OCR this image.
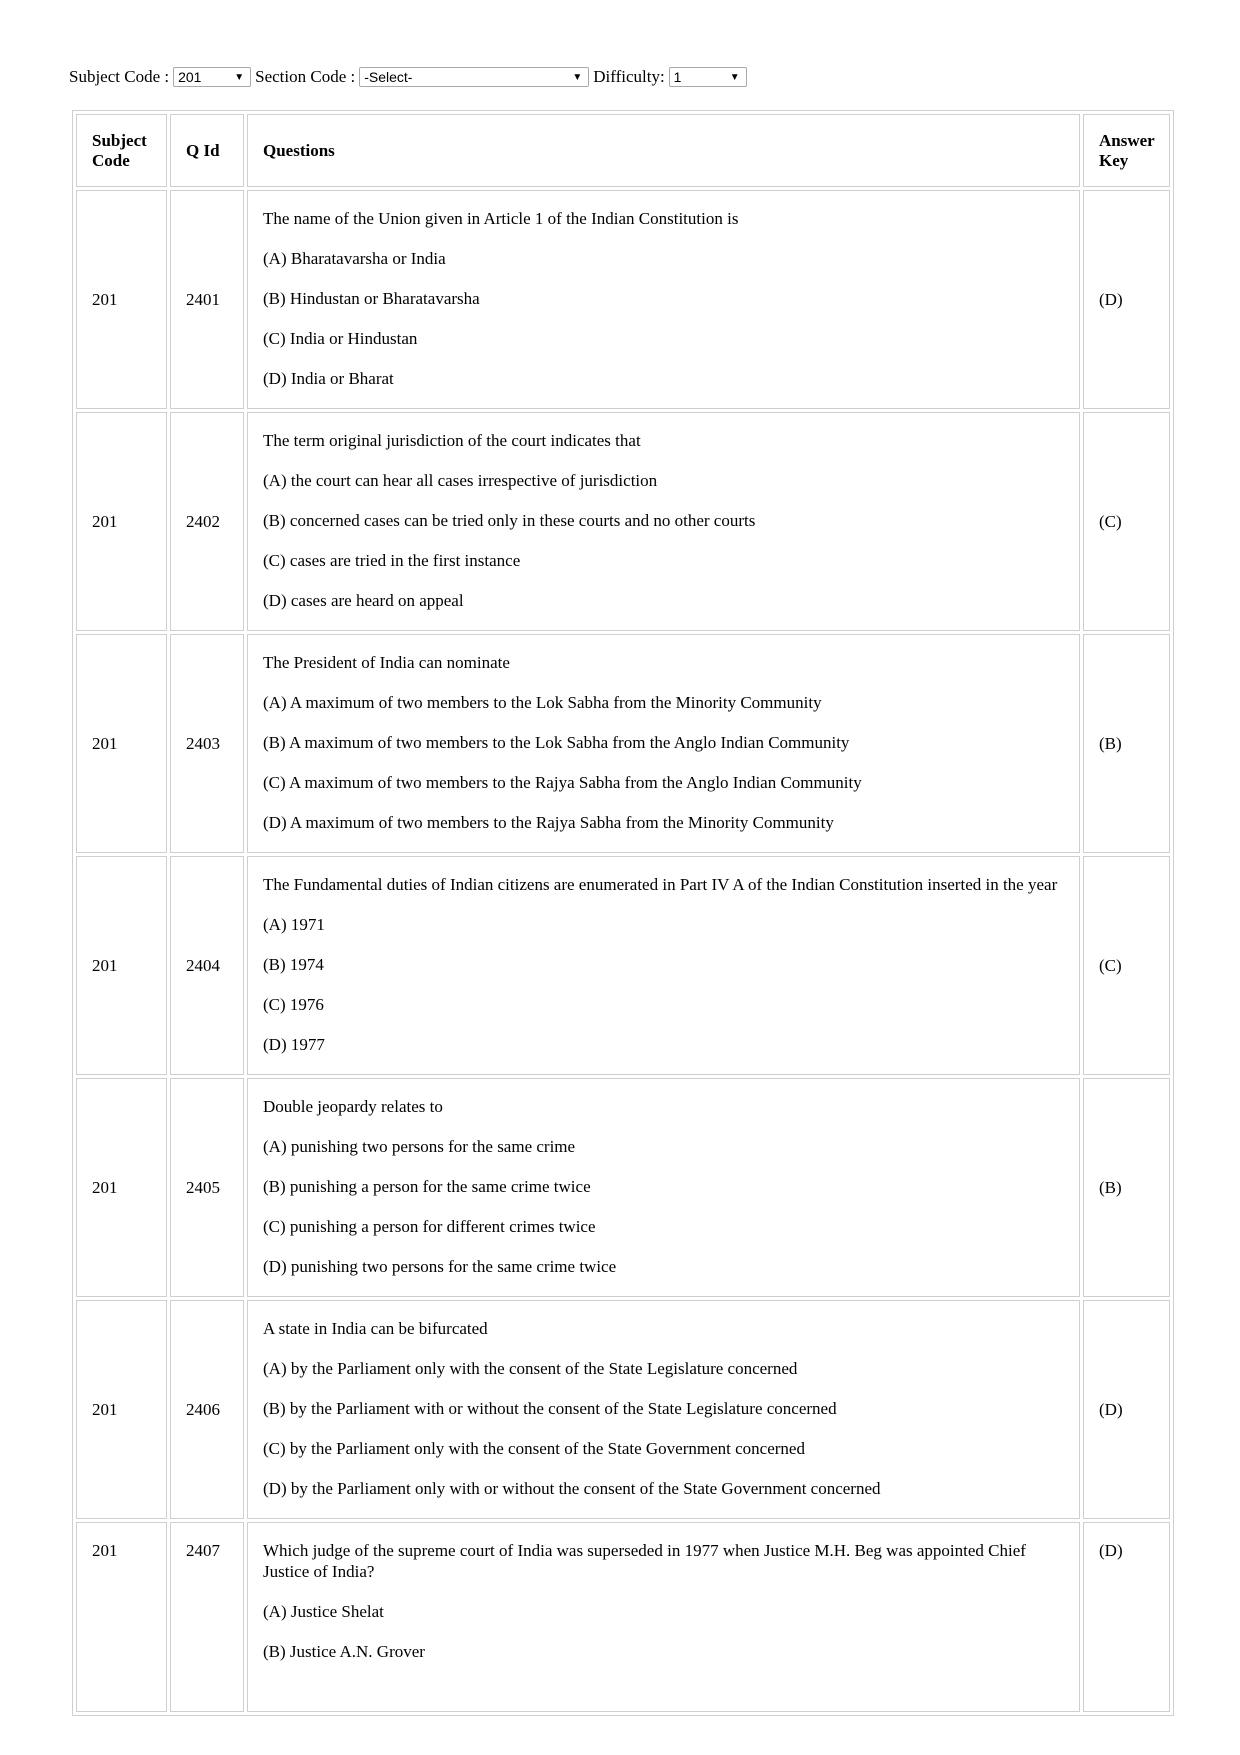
Subject Code : 201	▼ Section Code : -Select-	▼ Difficulty: 1	▼
Subject Code	Q Id	Questions	Answer Key
201	2401	The name of the Union given in Article 1 of the Indian Constitution is
(A) Bharatavarsha or India
(B) Hindustan or Bharatavarsha
(C) India or Hindustan
(D) India or Bharat	(D)
201	2402	The term original jurisdiction of the court indicates that
(A) the court can hear all cases irrespective of jurisdiction
(B) concerned cases can be tried only in these courts and no other courts
(C) cases are tried in the first instance
(D) cases are heard on appeal	(C)
201	2403	The President of India can nominate
(A) A maximum of two members to the Lok Sabha from the Minority Community
(B) A maximum of two members to the Lok Sabha from the Anglo Indian Community
(C) A maximum of two members to the Rajya Sabha from the Anglo Indian Community
(D) A maximum of two members to the Rajya Sabha from the Minority Community	(B)
201	2404	The Fundamental duties of Indian citizens are enumerated in Part IV A of the Indian Constitution inserted in the year
(A) 1971
(B) 1974
(C) 1976
(D) 1977	(C)
201	2405	Double jeopardy relates to
(A) punishing two persons for the same crime
(B) punishing a person for the same crime twice
(C) punishing a person for different crimes twice
(D) punishing two persons for the same crime twice	(B)
201	2406	A state in India can be bifurcated
(A) by the Parliament only with the consent of the State Legislature concerned
(B) by the Parliament with or without the consent of the State Legislature concerned
(C) by the Parliament only with the consent of the State Government concerned
(D) by the Parliament only with or without the consent of the State Government concerned	(D)
201	2407	Which judge of the supreme court of India was superseded in 1977 when Justice M.H. Beg was appointed Chief Justice of India?
(A) Justice Shelat
(B) Justice A.N. Grover	(D)
